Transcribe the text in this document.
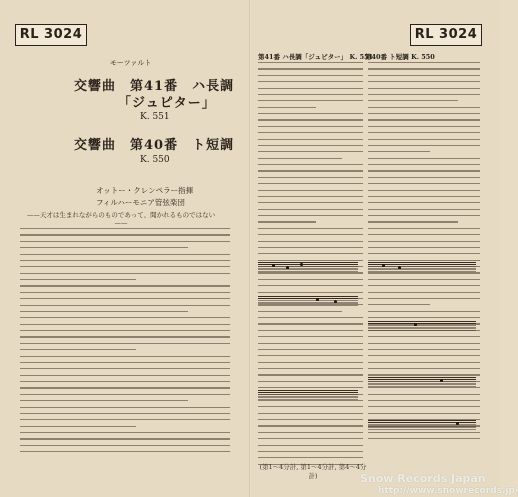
RL 3024	RL 3024
モーツァルト
交響曲　第41番　ハ長調
「ジュピター」
K. 551
交響曲　第40番　ト短調
K. 550
オットー・クレンペラー指揮
フィルハーモニア管弦楽団
——天才は生まれながらのものであって、聞かれるものではない——
第41番 ハ長調「ジュピター」 K. 551
第40番 ト短調 K. 550
(第1～4分計, 第1～4分計, 第4～4分計)	Snow Records Japan
http://www.snowrecords.jp/
